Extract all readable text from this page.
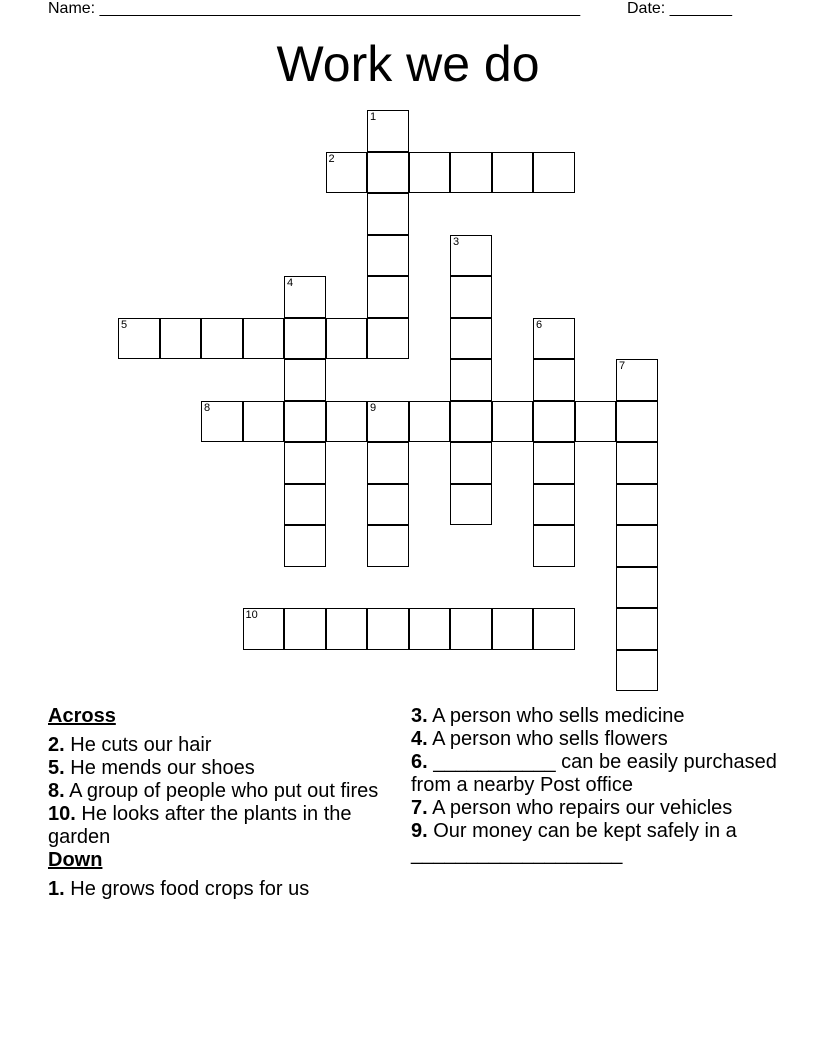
Name: ______________________________________________________	Date: _______
Work we do
1
2
3
4
5	6
7
8	9
10

Across

2. He cuts our hair

5. He mends our shoes

8. A group of people who put out fires

10. He looks after the plants in the garden

Down

1. He grows food crops for us

3. A person who sells medicine

4. A person who sells flowers

6. ___________ can be easily purchased from a nearby Post office

7. A person who repairs our vehicles

9. Our money can be kept safely in a ___________________
